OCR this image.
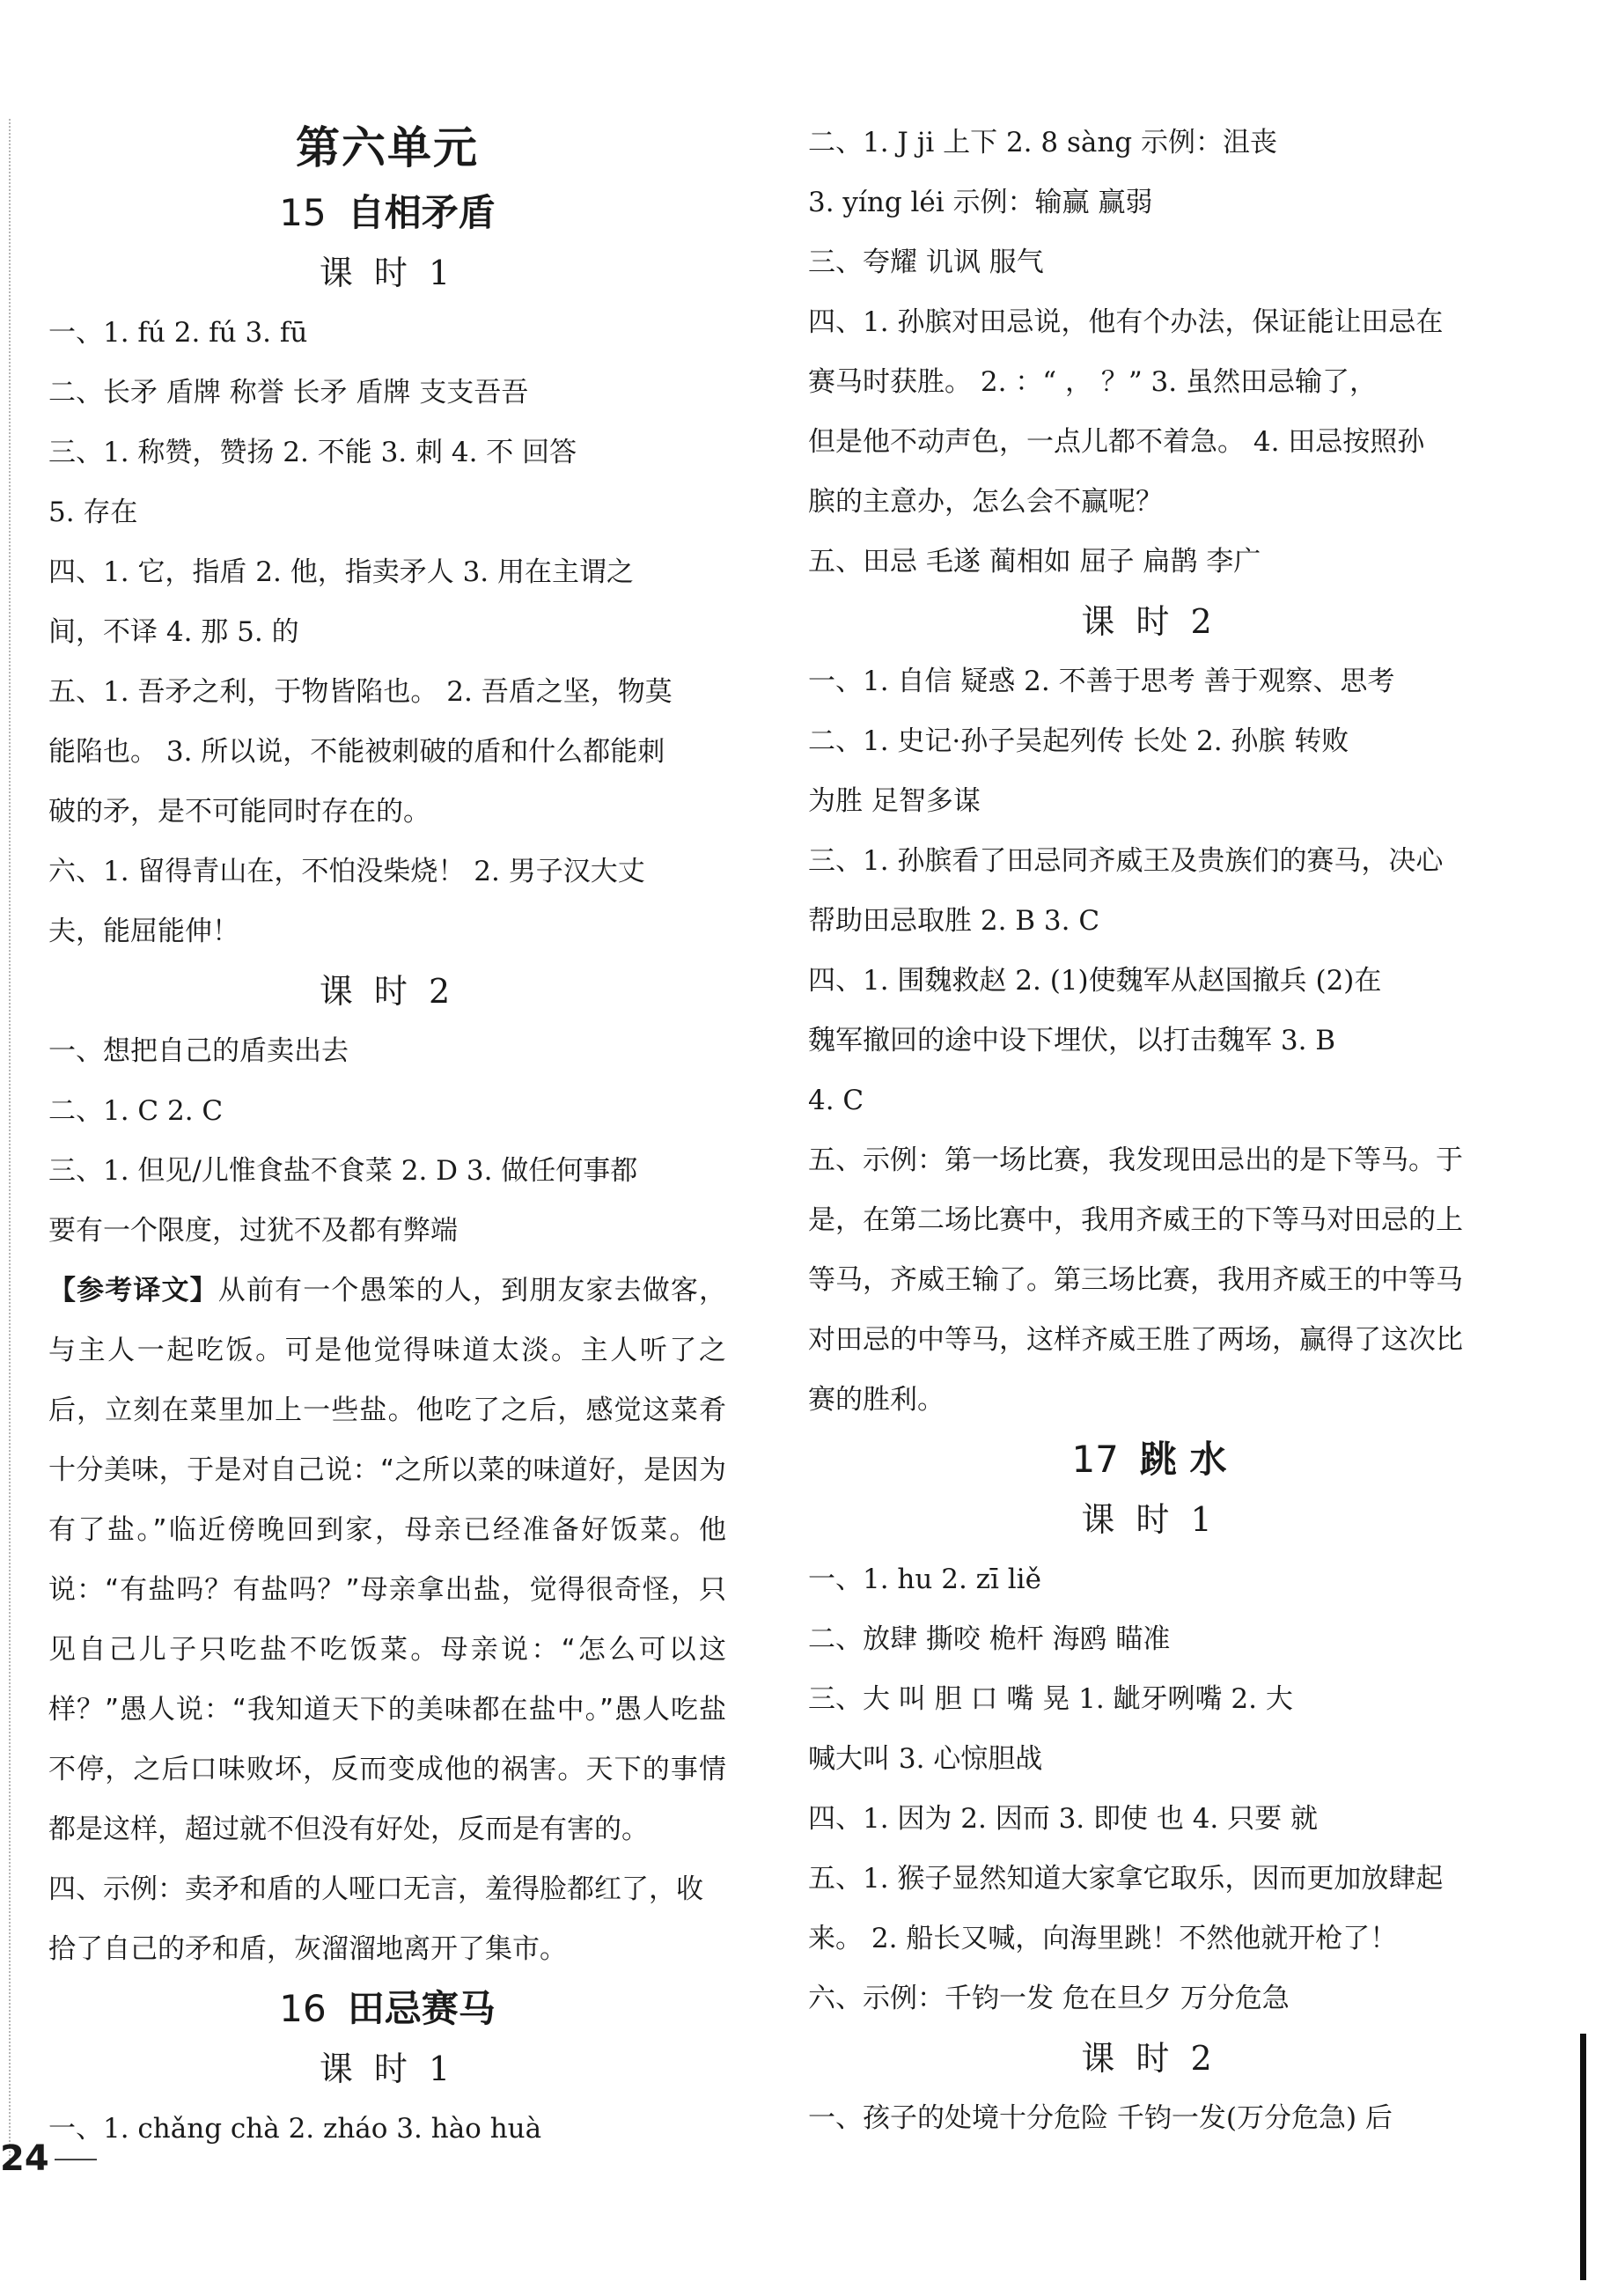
第六单元
15 自相矛盾
课 时 1
一、1. fú 2. fú 3. fū
二、长矛 盾牌 称誉 长矛 盾牌 支支吾吾
三、1. 称赞，赞扬 2. 不能 3. 刺 4. 不 回答
5. 存在
四、1. 它，指盾 2. 他，指卖矛人 3. 用在主谓之
间，不译 4. 那 5. 的
五、1. 吾矛之利，于物皆陷也。 2. 吾盾之坚，物莫
能陷也。 3. 所以说，不能被刺破的盾和什么都能刺
破的矛，是不可能同时存在的。
六、1. 留得青山在，不怕没柴烧！ 2. 男子汉大丈
夫，能屈能伸！
课 时 2
一、想把自己的盾卖出去
二、1. C 2. C
三、1. 但见/儿惟食盐不食菜 2. D 3. 做任何事都
要有一个限度，过犹不及都有弊端
【参考译文】从前有一个愚笨的人，到朋友家去做客，与主人一起吃饭。可是他觉得味道太淡。主人听了之后，立刻在菜里加上一些盐。他吃了之后，感觉这菜肴十分美味，于是对自己说：“之所以菜的味道好，是因为有了盐。”临近傍晚回到家，母亲已经准备好饭菜。他说：“有盐吗？有盐吗？”母亲拿出盐，觉得很奇怪，只见自己儿子只吃盐不吃饭菜。母亲说：“怎么可以这样？”愚人说：“我知道天下的美味都在盐中。”愚人吃盐不停，之后口味败坏，反而变成他的祸害。天下的事情都是这样，超过就不但没有好处，反而是有害的。
四、示例：卖矛和盾的人哑口无言，羞得脸都红了，收
拾了自己的矛和盾，灰溜溜地离开了集市。
16 田忌赛马
课 时 1
一、1. chǎng chà 2. zháo 3. hào huà
二、1. J ji 上下 2. 8 sàng 示例：沮丧
3. yíng léi 示例：输赢 赢弱
三、夸耀 讥讽 服气
四、1. 孙膑对田忌说，他有个办法，保证能让田忌在
赛马时获胜。 2. ：“ ， ？” 3. 虽然田忌输了，
但是他不动声色，一点儿都不着急。 4. 田忌按照孙
膑的主意办，怎么会不赢呢？
五、田忌 毛遂 蔺相如 屈子 扁鹊 李广
课 时 2
一、1. 自信 疑惑 2. 不善于思考 善于观察、思考
二、1. 史记·孙子吴起列传 长处 2. 孙膑 转败
为胜 足智多谋
三、1. 孙膑看了田忌同齐威王及贵族们的赛马，决心
帮助田忌取胜 2. B 3. C
四、1. 围魏救赵 2. (1)使魏军从赵国撤兵 (2)在
魏军撤回的途中设下埋伏，以打击魏军 3. B
4. C
五、示例：第一场比赛，我发现田忌出的是下等马。于
是，在第二场比赛中，我用齐威王的下等马对田忌的上
等马，齐威王输了。第三场比赛，我用齐威王的中等马
对田忌的中等马，这样齐威王胜了两场，赢得了这次比
赛的胜利。
17 跳 水
课 时 1
一、1. hu 2. zī liě
二、放肆 撕咬 桅杆 海鸥 瞄准
三、大 叫 胆 口 嘴 晃 1. 龇牙咧嘴 2. 大
喊大叫 3. 心惊胆战
四、1. 因为 2. 因而 3. 即使 也 4. 只要 就
五、1. 猴子显然知道大家拿它取乐，因而更加放肆起
来。 2. 船长又喊，向海里跳！不然他就开枪了！
六、示例：千钧一发 危在旦夕 万分危急
课 时 2
一、孩子的处境十分危险 千钧一发(万分危急) 后
24
